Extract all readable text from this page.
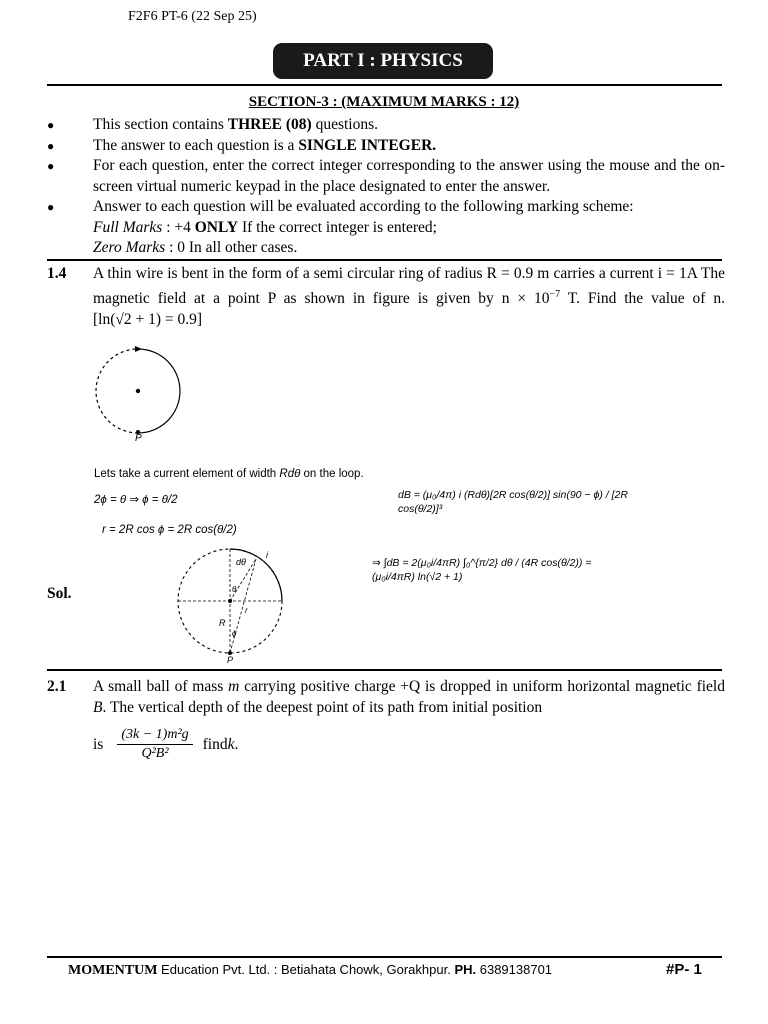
F2F6 PT-6 (22 Sep 25)
PART I : PHYSICS
SECTION-3 : (MAXIMUM MARKS : 12)
●	This section contains THREE (08) questions.
●	The answer to each question is a SINGLE INTEGER.
●	For each question, enter the correct integer corresponding to the answer using the mouse and the on-screen virtual numeric keypad in the place designated to enter the answer.
●	Answer to each question will be evaluated according to the following marking scheme:
Full Marks : +4 ONLY If the correct integer is entered;
Zero Marks : 0 In all other cases.
1.4	A thin wire is bent in the form of a semi circular ring of radius R = 0.9 m carries a current i = 1A The magnetic field at a point P as shown in figure is given by $n \times 10^{-7}$ T. Find the value of n. [ln(√2 + 1) = 0.9]
P
Sol.
Lets take a current element of width Rdθ on the loop.
2ϕ = θ ⇒ ϕ = θ/2
r = 2R cos ϕ = 2R cos(θ/2)
dθ
i
θ
r
R
ϕ
P
dB = (μ₀/4π) i (Rdθ)[2R cos(θ/2)] sin(90 − ϕ) / [2R cos(θ/2)]³
⇒ ∫dB = 2(μ₀i/4πR) ∫₀^{π/2} dθ / (4R cos(θ/2)) = (μ₀i/4πR) ln(√2 + 1)
2.1	A small ball of mass m carrying positive charge +Q is dropped in uniform horizontal magnetic field B. The vertical depth of the deepest point of its path from initial position
is $\frac{\text{(3k − 1)m²g}}{\text{Q²B²}}$ find k .
MOMENTUM Education Pvt. Ltd. : Betiahata Chowk, Gorakhpur. PH. 6389138701	#P- 1
